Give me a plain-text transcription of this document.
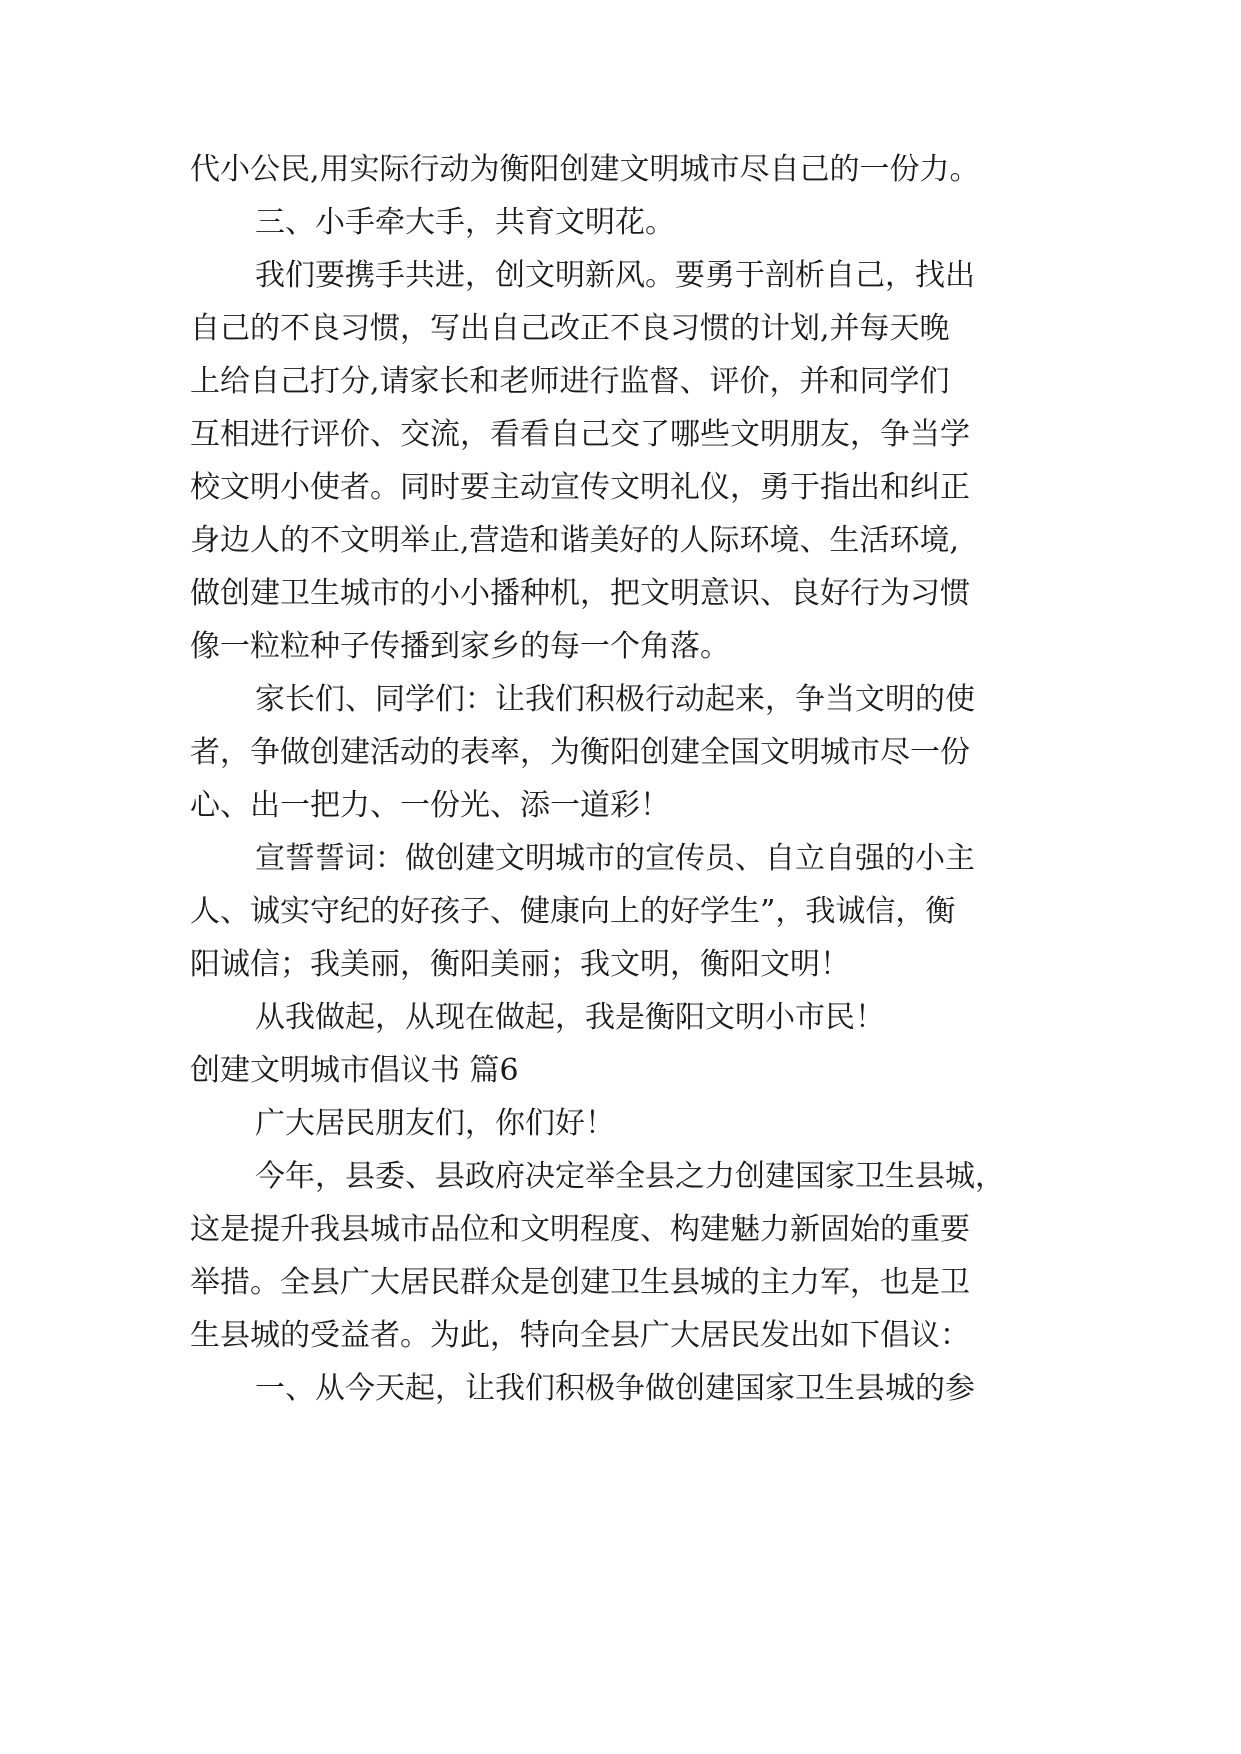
代小公民,用实际行动为衡阳创建文明城市尽自己的一份力。
三、小手牵大手，共育文明花。
我们要携手共进，创文明新风。要勇于剖析自己，找出
自己的不良习惯，写出自己改正不良习惯的计划,并每天晚
上给自己打分,请家长和老师进行监督、评价，并和同学们
互相进行评价、交流，看看自己交了哪些文明朋友，争当学
校文明小使者。同时要主动宣传文明礼仪，勇于指出和纠正
身边人的不文明举止,营造和谐美好的人际环境、生活环境,
做创建卫生城市的小小播种机，把文明意识、良好行为习惯
像一粒粒种子传播到家乡的每一个角落。
家长们、同学们：让我们积极行动起来，争当文明的使
者，争做创建活动的表率，为衡阳创建全国文明城市尽一份
心、出一把力、一份光、添一道彩！
宣誓誓词：做创建文明城市的宣传员、自立自强的小主
人、诚实守纪的好孩子、健康向上的好学生”，我诚信，衡
阳诚信；我美丽，衡阳美丽；我文明，衡阳文明！
从我做起，从现在做起，我是衡阳文明小市民！
创建文明城市倡议书 篇6
广大居民朋友们，你们好！
今年，县委、县政府决定举全县之力创建国家卫生县城，
这是提升我县城市品位和文明程度、构建魅力新固始的重要
举措。全县广大居民群众是创建卫生县城的主力军，也是卫
生县城的受益者。为此，特向全县广大居民发出如下倡议：
一、从今天起，让我们积极争做创建国家卫生县城的参
